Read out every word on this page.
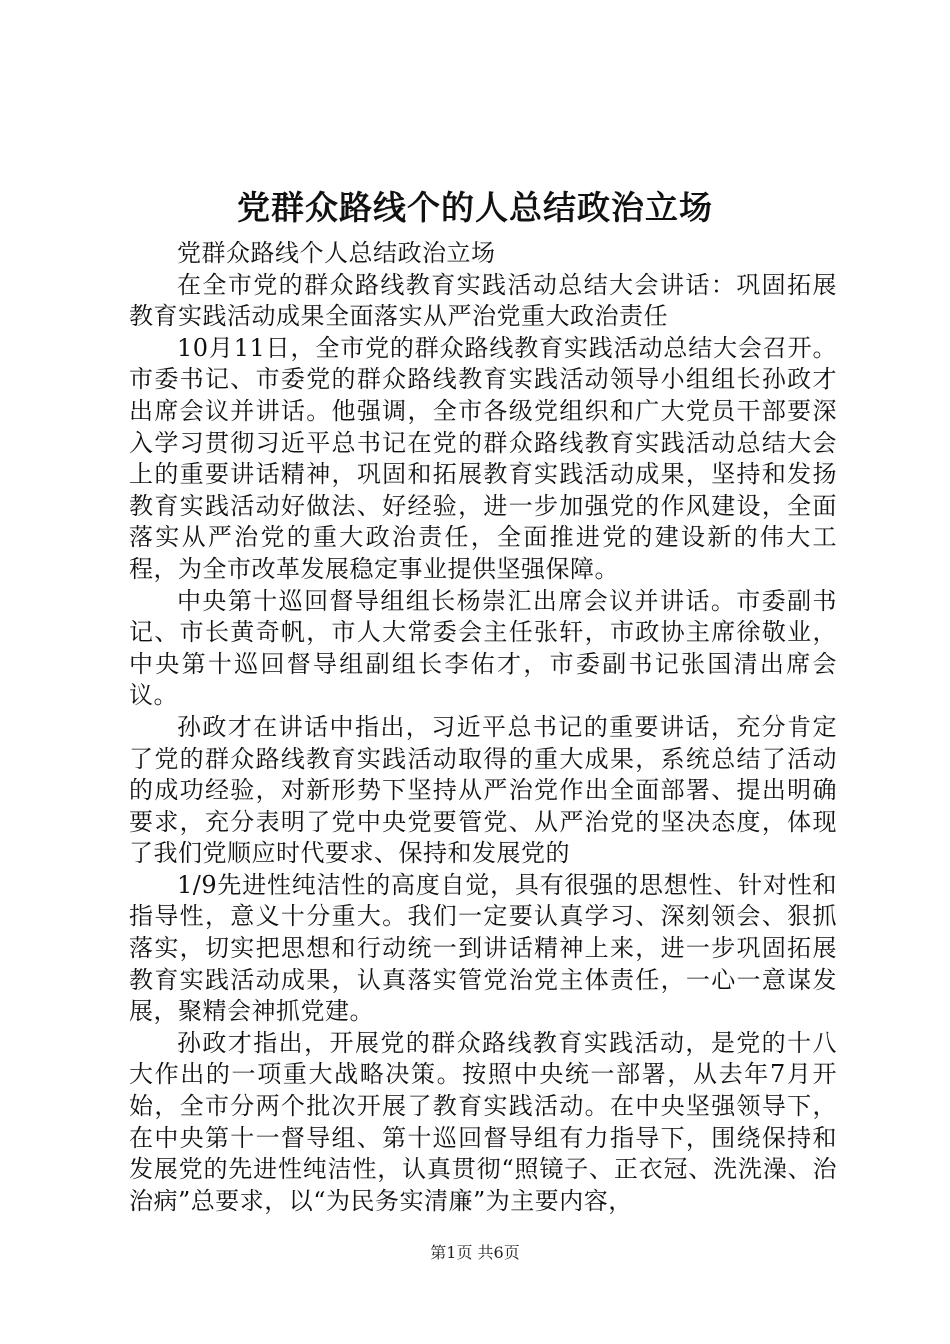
党群众路线个的人总结政治立场

党群众路线个人总结政治立场

在全市党的群众路线教育实践活动总结大会讲话：巩固拓展教育实践活动成果全面落实从严治党重大政治责任

10月11日，全市党的群众路线教育实践活动总结大会召开。市委书记、市委党的群众路线教育实践活动领导小组组长孙政才出席会议并讲话。他强调，全市各级党组织和广大党员干部要深入学习贯彻习近平总书记在党的群众路线教育实践活动总结大会上的重要讲话精神，巩固和拓展教育实践活动成果，坚持和发扬教育实践活动好做法、好经验，进一步加强党的作风建设，全面落实从严治党的重大政治责任，全面推进党的建设新的伟大工程，为全市改革发展稳定事业提供坚强保障。

中央第十巡回督导组组长杨崇汇出席会议并讲话。市委副书记、市长黄奇帆，市人大常委会主任张轩，市政协主席徐敬业，中央第十巡回督导组副组长李佑才，市委副书记张国清出席会议。

孙政才在讲话中指出，习近平总书记的重要讲话，充分肯定了党的群众路线教育实践活动取得的重大成果，系统总结了活动的成功经验，对新形势下坚持从严治党作出全面部署、提出明确要求，充分表明了党中央党要管党、从严治党的坚决态度，体现了我们党顺应时代要求、保持和发展党的

1/9先进性纯洁性的高度自觉，具有很强的思想性、针对性和指导性，意义十分重大。我们一定要认真学习、深刻领会、狠抓落实，切实把思想和行动统一到讲话精神上来，进一步巩固拓展教育实践活动成果，认真落实管党治党主体责任，一心一意谋发展，聚精会神抓党建。

孙政才指出，开展党的群众路线教育实践活动，是党的十八大作出的一项重大战略决策。按照中央统一部署，从去年7月开始，全市分两个批次开展了教育实践活动。在中央坚强领导下，在中央第十一督导组、第十巡回督导组有力指导下，围绕保持和发展党的先进性纯洁性，认真贯彻“照镜子、正衣冠、洗洗澡、治治病”总要求，以“为民务实清廉”为主要内容，

第1页 共6页
